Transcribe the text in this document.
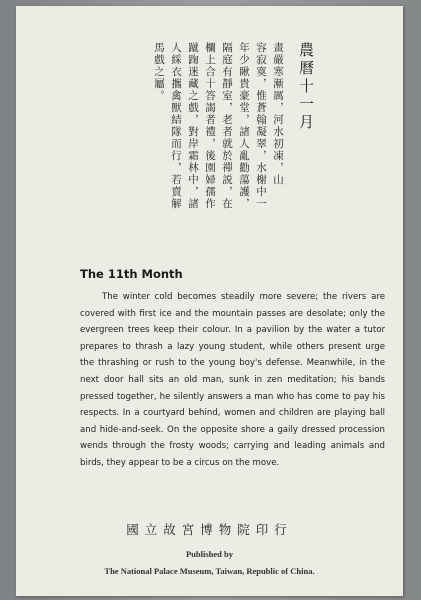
農曆十一月
畫嚴寒漸厲，河水初凍，山
容寂寞，惟蒼翰凝翠，水榭中一
年少瞅貴豪堂，諸人亂勸蕩護，
隔庭有靜室，老者就於禪説，在
欄上合十答謁者禮，後園婦孺作
蹴踘迷藏之戲，對岸霜林中，諸
人綵衣攜禽獸結隊而行，若賣解
馬戲之屬。
The 11th Month

The winter cold becomes steadily more severe; the rivers are covered with first ice and the mountain passes are desolate; only the evergreen trees keep their colour. In a pavilion by the water a tutor prepares to thrash a lazy young student, while others present urge the thrashing or rush to the young boy's defense. Meanwhile, in the next door hall sits an old man, sunk in zen meditation; his bands pressed together, he silently answers a man who has come to pay his respects. In a courtyard behind, women and children are playing ball and hide-and-seek. On the opposite shore a gaily dressed procession wends through the frosty woods; carrying and leading animals and birds, they appear to be a circus on the move.

國立故宮博物院印行
Published by
The National Palace Museum, Taiwan, Republic of China.
